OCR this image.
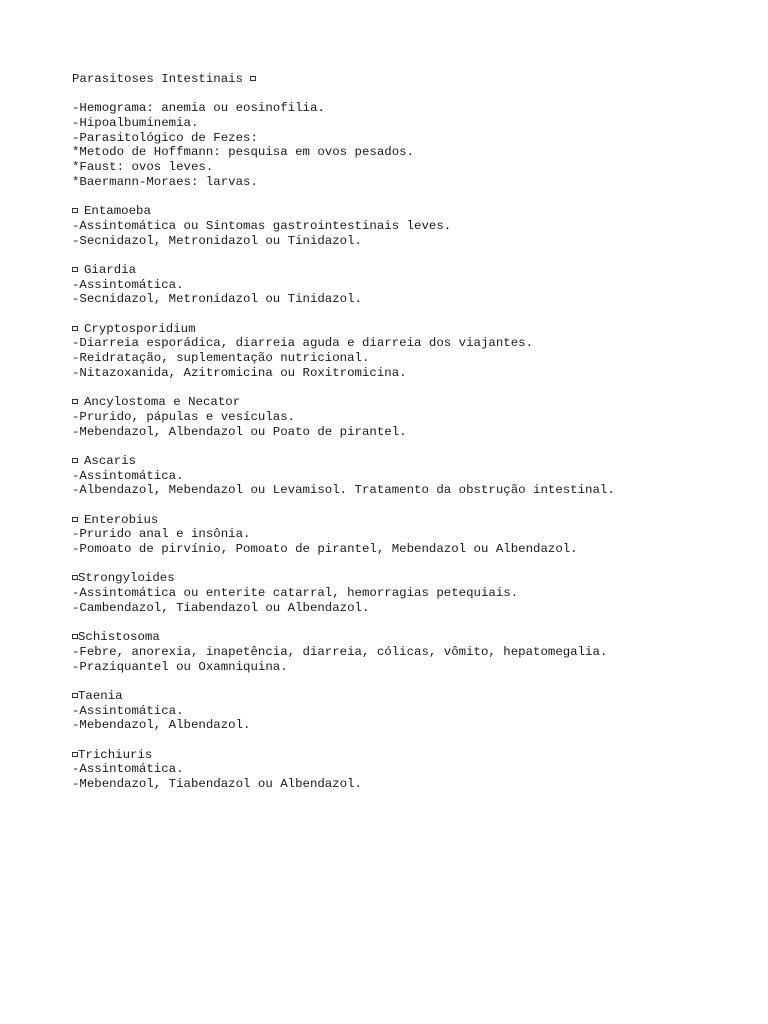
Parasitoses Intestinais
-Hemograma: anemia ou eosinofilia.
-Hipoalbuminemia.
-Parasitológico de Fezes:
*Metodo de Hoffmann: pesquisa em ovos pesados.
*Faust: ovos leves.
*Baermann-Moraes: larvas.
Entamoeba
-Assintomática ou Sintomas gastrointestinais leves.
-Secnidazol, Metronidazol ou Tinidazol.
Giardia
-Assintomática.
-Secnidazol, Metronidazol ou Tinidazol.
Cryptosporidium
-Diarreia esporádica, diarreia aguda e diarreia dos viajantes.
-Reidratação, suplementação nutricional.
-Nitazoxanida, Azitromicina ou Roxitromicina.
Ancylostoma e Necator
-Prurido, pápulas e vesículas.
-Mebendazol, Albendazol ou Poato de pirantel.
Ascaris
-Assintomática.
-Albendazol, Mebendazol ou Levamisol. Tratamento da obstrução intestinal.
Enterobius
-Prurido anal e insônia.
-Pomoato de pirvínio, Pomoato de pirantel, Mebendazol ou Albendazol.
Strongyloides
-Assintomática ou enterite catarral, hemorragias petequiais.
-Cambendazol, Tiabendazol ou Albendazol.
Schistosoma
-Febre, anorexia, inapetência, diarreia, cólicas, vômito, hepatomegalia.
-Praziquantel ou Oxamniquina.
Taenia
-Assintomática.
-Mebendazol, Albendazol.
Trichiuris
-Assintomática.
-Mebendazol, Tiabendazol ou Albendazol.
